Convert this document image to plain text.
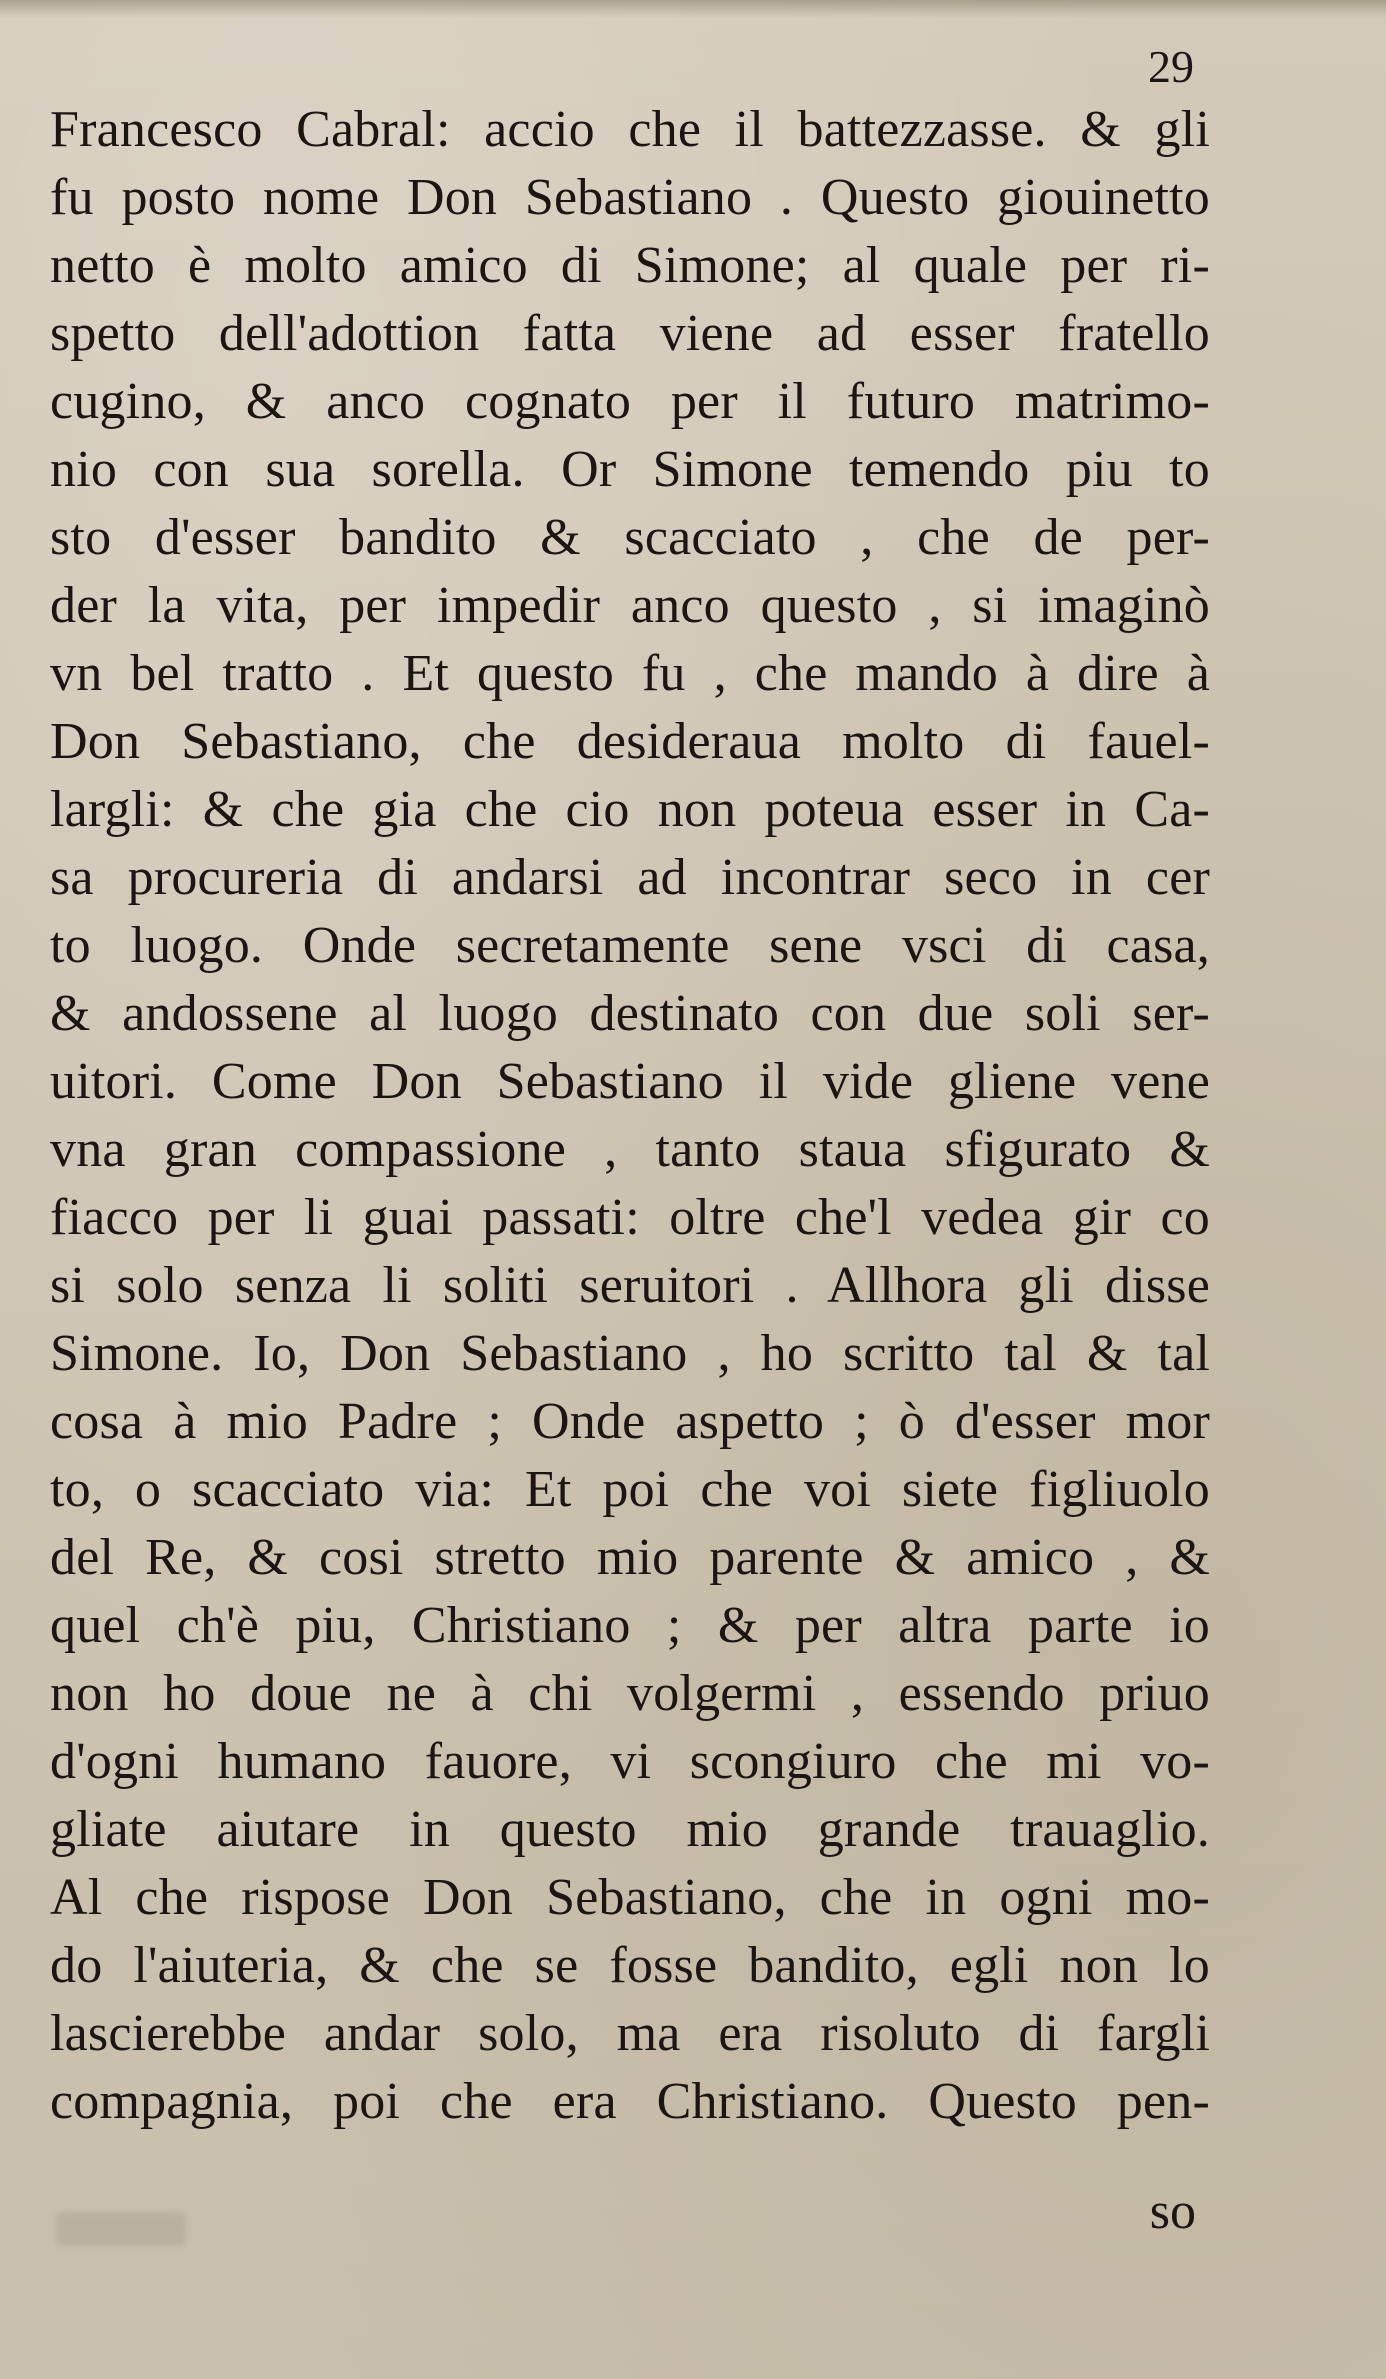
29
Francesco Cabral: accio che il battezzasse. & gli
fu posto nome Don Sebastiano . Questo giouinetto
netto è molto amico di Simone; al quale per ri-
spetto dell'adottion fatta viene ad esser fratello
cugino, & anco cognato per il futuro matrimo-
nio con sua sorella. Or Simone temendo piu to
sto d'esser bandito & scacciato , che de per-
der la vita, per impedir anco questo , si imaginò
vn bel tratto . Et questo fu , che mando à dire à
Don Sebastiano, che desideraua molto di fauel-
largli: & che gia che cio non poteua esser in Ca-
sa procureria di andarsi ad incontrar seco in cer
to luogo. Onde secretamente sene vsci di casa,
& andossene al luogo destinato con due soli ser-
uitori. Come Don Sebastiano il vide gliene vene
vna gran compassione , tanto staua sfigurato &
fiacco per li guai passati: oltre che'l vedea gir co
si solo senza li soliti seruitori . Allhora gli disse
Simone. Io, Don Sebastiano , ho scritto tal & tal
cosa à mio Padre ; Onde aspetto ; ò d'esser mor
to, o scacciato via: Et poi che voi siete figliuolo
del Re, & cosi stretto mio parente & amico , &
quel ch'è piu, Christiano ; & per altra parte io
non ho doue ne à chi volgermi , essendo priuo
d'ogni humano fauore, vi scongiuro che mi vo-
gliate aiutare in questo mio grande trauaglio.
Al che rispose Don Sebastiano, che in ogni mo-
do l'aiuteria, & che se fosse bandito, egli non lo
lascierebbe andar solo, ma era risoluto di fargli
compagnia, poi che era Christiano. Questo pen-
so
